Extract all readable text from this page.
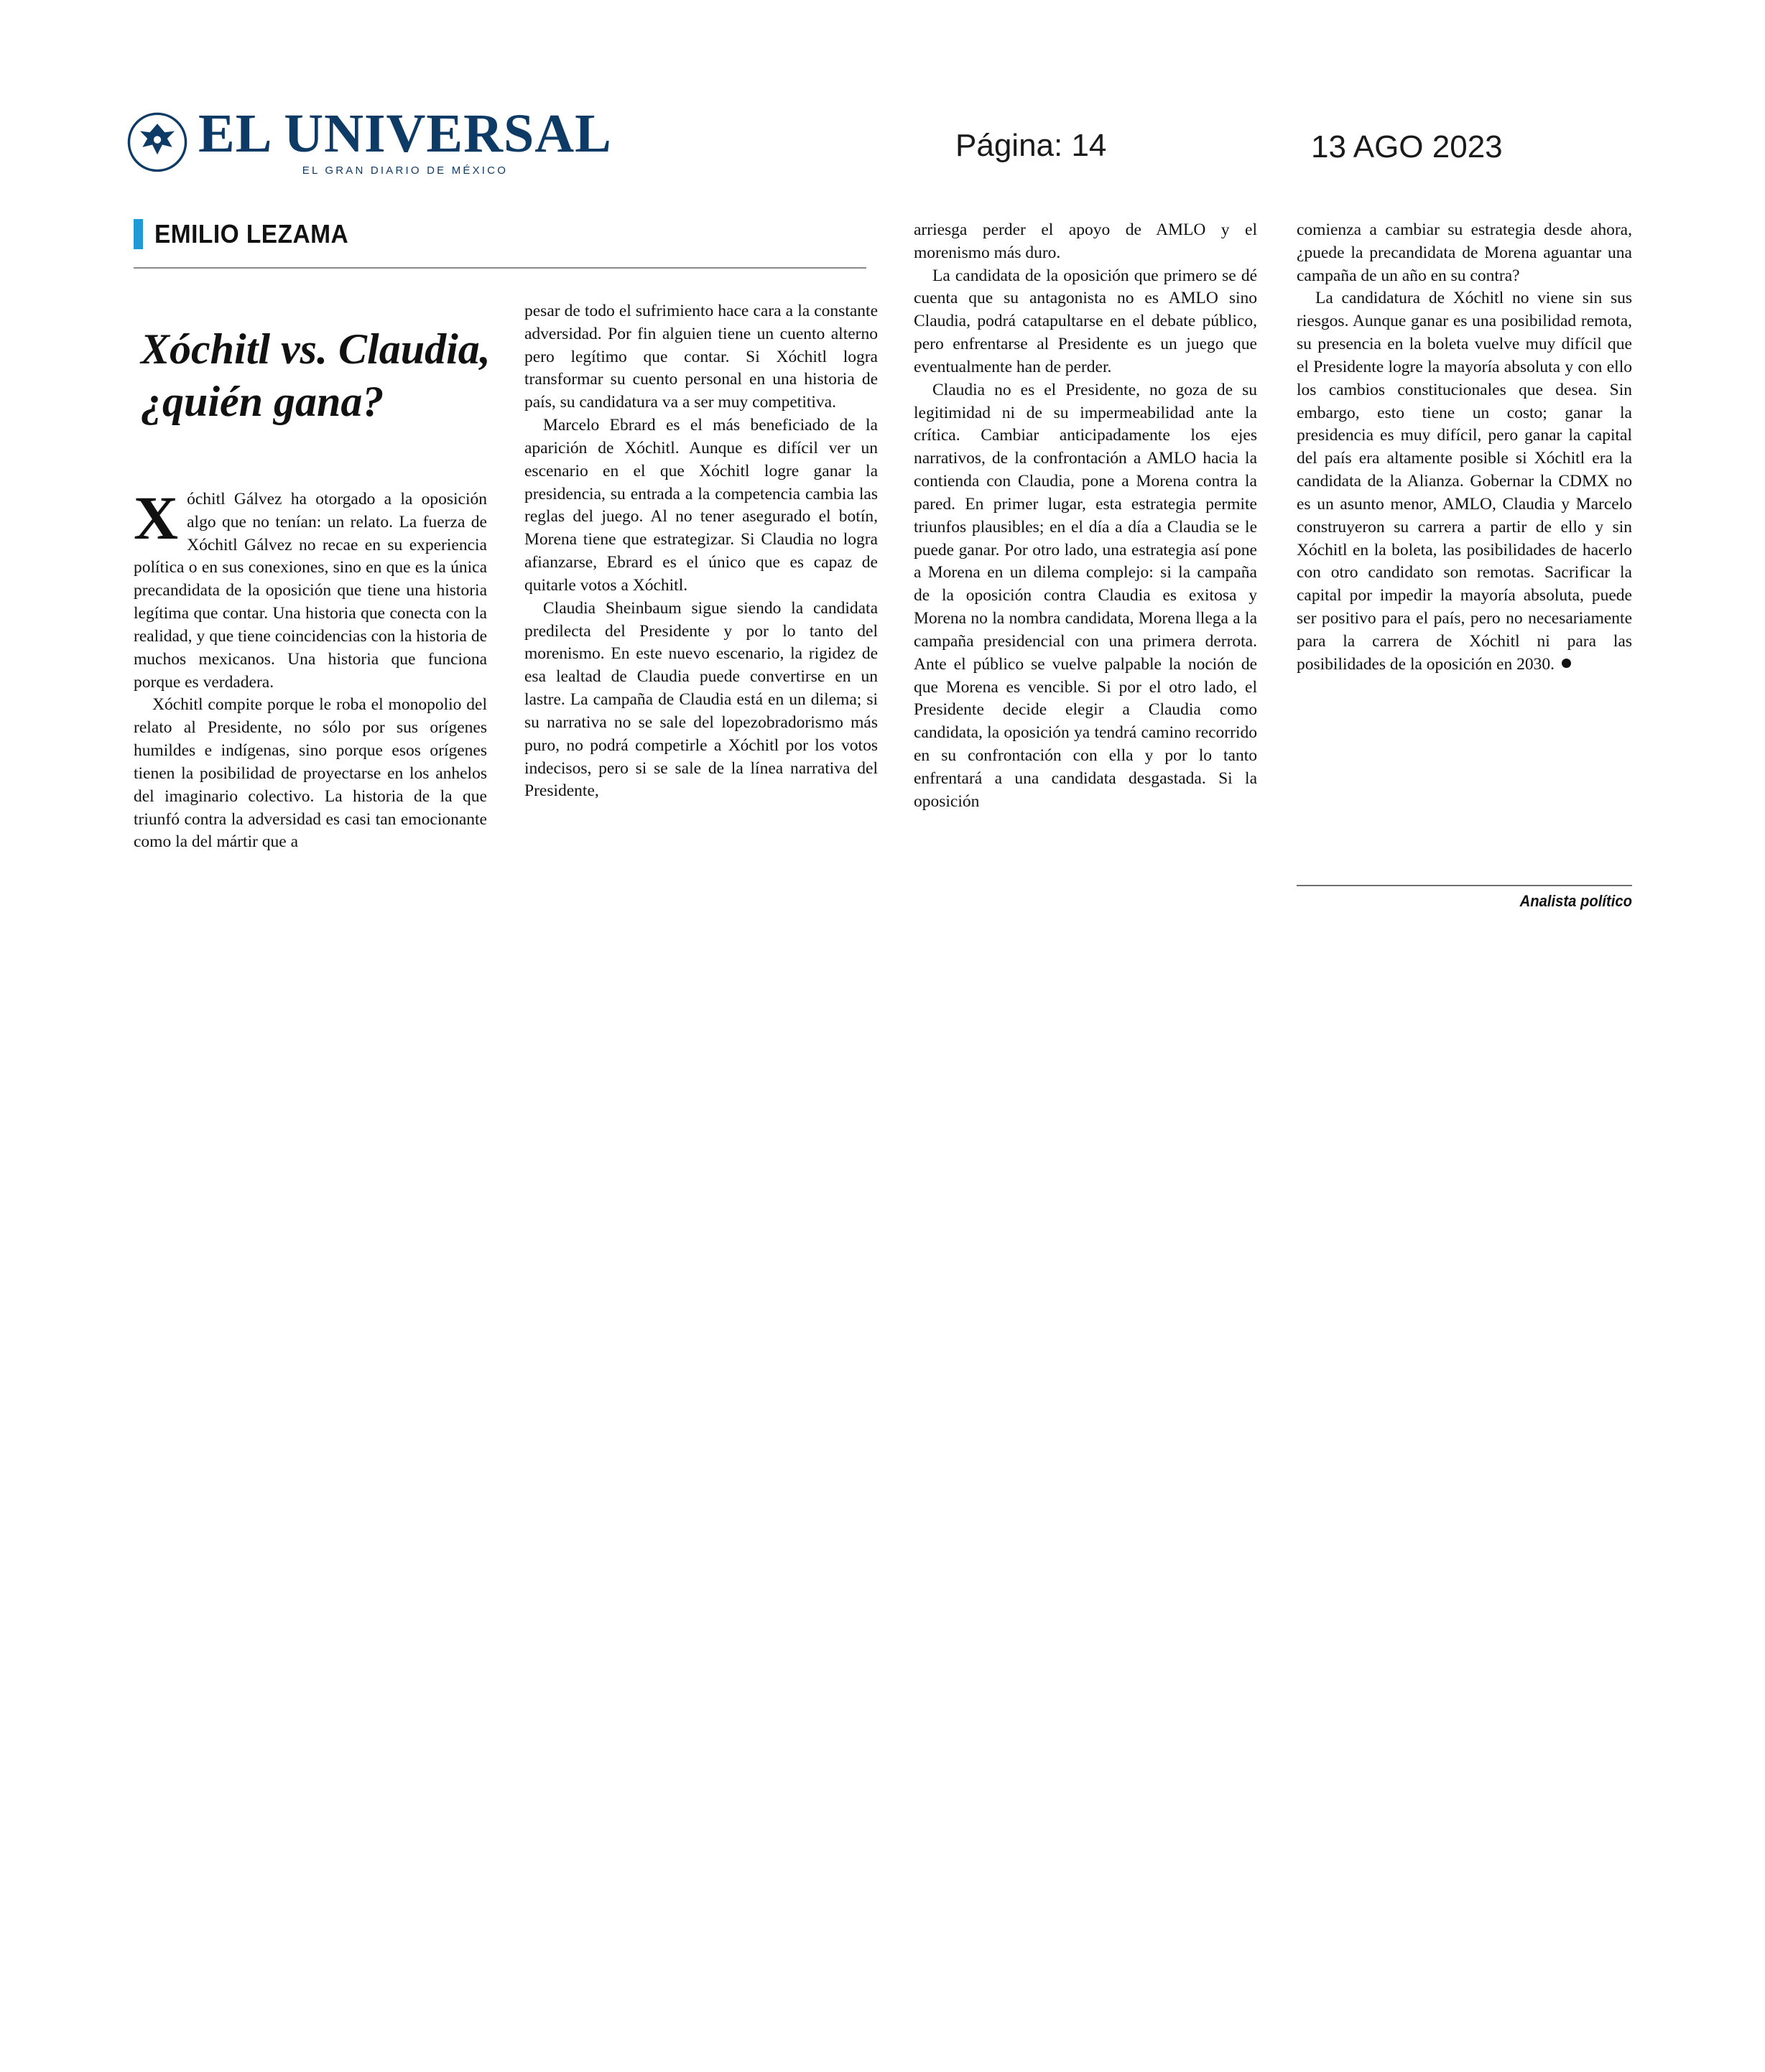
EL UNIVERSAL
EL GRAN DIARIO DE MÉXICO
Página: 14	13 AGO 2023
EMILIO LEZAMA
Xóchitl vs. Claudia, ¿quién gana?

Xóchitl Gálvez ha otorgado a la oposición algo que no tenían: un relato. La fuerza de Xóchitl Gálvez no recae en su experiencia política o en sus conexiones, sino en que es la única precandidata de la oposición que tiene una historia legítima que contar. Una historia que conecta con la realidad, y que tiene coincidencias con la historia de muchos mexicanos. Una historia que funciona porque es verdadera.

Xóchitl compite porque le roba el monopolio del relato al Presidente, no sólo por sus orígenes humildes e indígenas, sino porque esos orígenes tienen la posibilidad de proyectarse en los anhelos del imaginario colectivo. La historia de la que triunfó contra la adversidad es casi tan emocionante como la del mártir que a

pesar de todo el sufrimiento hace cara a la constante adversidad. Por fin alguien tiene un cuento alterno pero legítimo que contar. Si Xóchitl logra transformar su cuento personal en una historia de país, su candidatura va a ser muy competitiva.

Marcelo Ebrard es el más beneficiado de la aparición de Xóchitl. Aunque es difícil ver un escenario en el que Xóchitl logre ganar la presidencia, su entrada a la competencia cambia las reglas del juego. Al no tener asegurado el botín, Morena tiene que estrategizar. Si Claudia no logra afianzarse, Ebrard es el único que es capaz de quitarle votos a Xóchitl.

Claudia Sheinbaum sigue siendo la candidata predilecta del Presidente y por lo tanto del morenismo. En este nuevo escenario, la rigidez de esa lealtad de Claudia puede convertirse en un lastre. La campaña de Claudia está en un dilema; si su narrativa no se sale del lopezobradorismo más puro, no podrá competirle a Xóchitl por los votos indecisos, pero si se sale de la línea narrativa del Presidente,

arriesga perder el apoyo de AMLO y el morenismo más duro.

La candidata de la oposición que primero se dé cuenta que su antagonista no es AMLO sino Claudia, podrá catapultarse en el debate público, pero enfrentarse al Presidente es un juego que eventualmente han de perder.

Claudia no es el Presidente, no goza de su legitimidad ni de su impermeabilidad ante la crítica. Cambiar anticipadamente los ejes narrativos, de la confrontación a AMLO hacia la contienda con Claudia, pone a Morena contra la pared. En primer lugar, esta estrategia permite triunfos plausibles; en el día a día a Claudia se le puede ganar. Por otro lado, una estrategia así pone a Morena en un dilema complejo: si la campaña de la oposición contra Claudia es exitosa y Morena no la nombra candidata, Morena llega a la campaña presidencial con una primera derrota. Ante el público se vuelve palpable la noción de que Morena es vencible. Si por el otro lado, el Presidente decide elegir a Claudia como candidata, la oposición ya tendrá camino recorrido en su confrontación con ella y por lo tanto enfrentará a una candidata desgastada. Si la oposición

comienza a cambiar su estrategia desde ahora, ¿puede la precandidata de Morena aguantar una campaña de un año en su contra?

La candidatura de Xóchitl no viene sin sus riesgos. Aunque ganar es una posibilidad remota, su presencia en la boleta vuelve muy difícil que el Presidente logre la mayoría absoluta y con ello los cambios constitucionales que desea. Sin embargo, esto tiene un costo; ganar la presidencia es muy difícil, pero ganar la capital del país era altamente posible si Xóchitl era la candidata de la Alianza. Gobernar la CDMX no es un asunto menor, AMLO, Claudia y Marcelo construyeron su carrera a partir de ello y sin Xóchitl en la boleta, las posibilidades de hacerlo con otro candidato son remotas. Sacrificar la capital por impedir la mayoría absoluta, puede ser positivo para el país, pero no necesariamente para la carrera de Xóchitl ni para las posibilidades de la oposición en 2030.

Analista político
